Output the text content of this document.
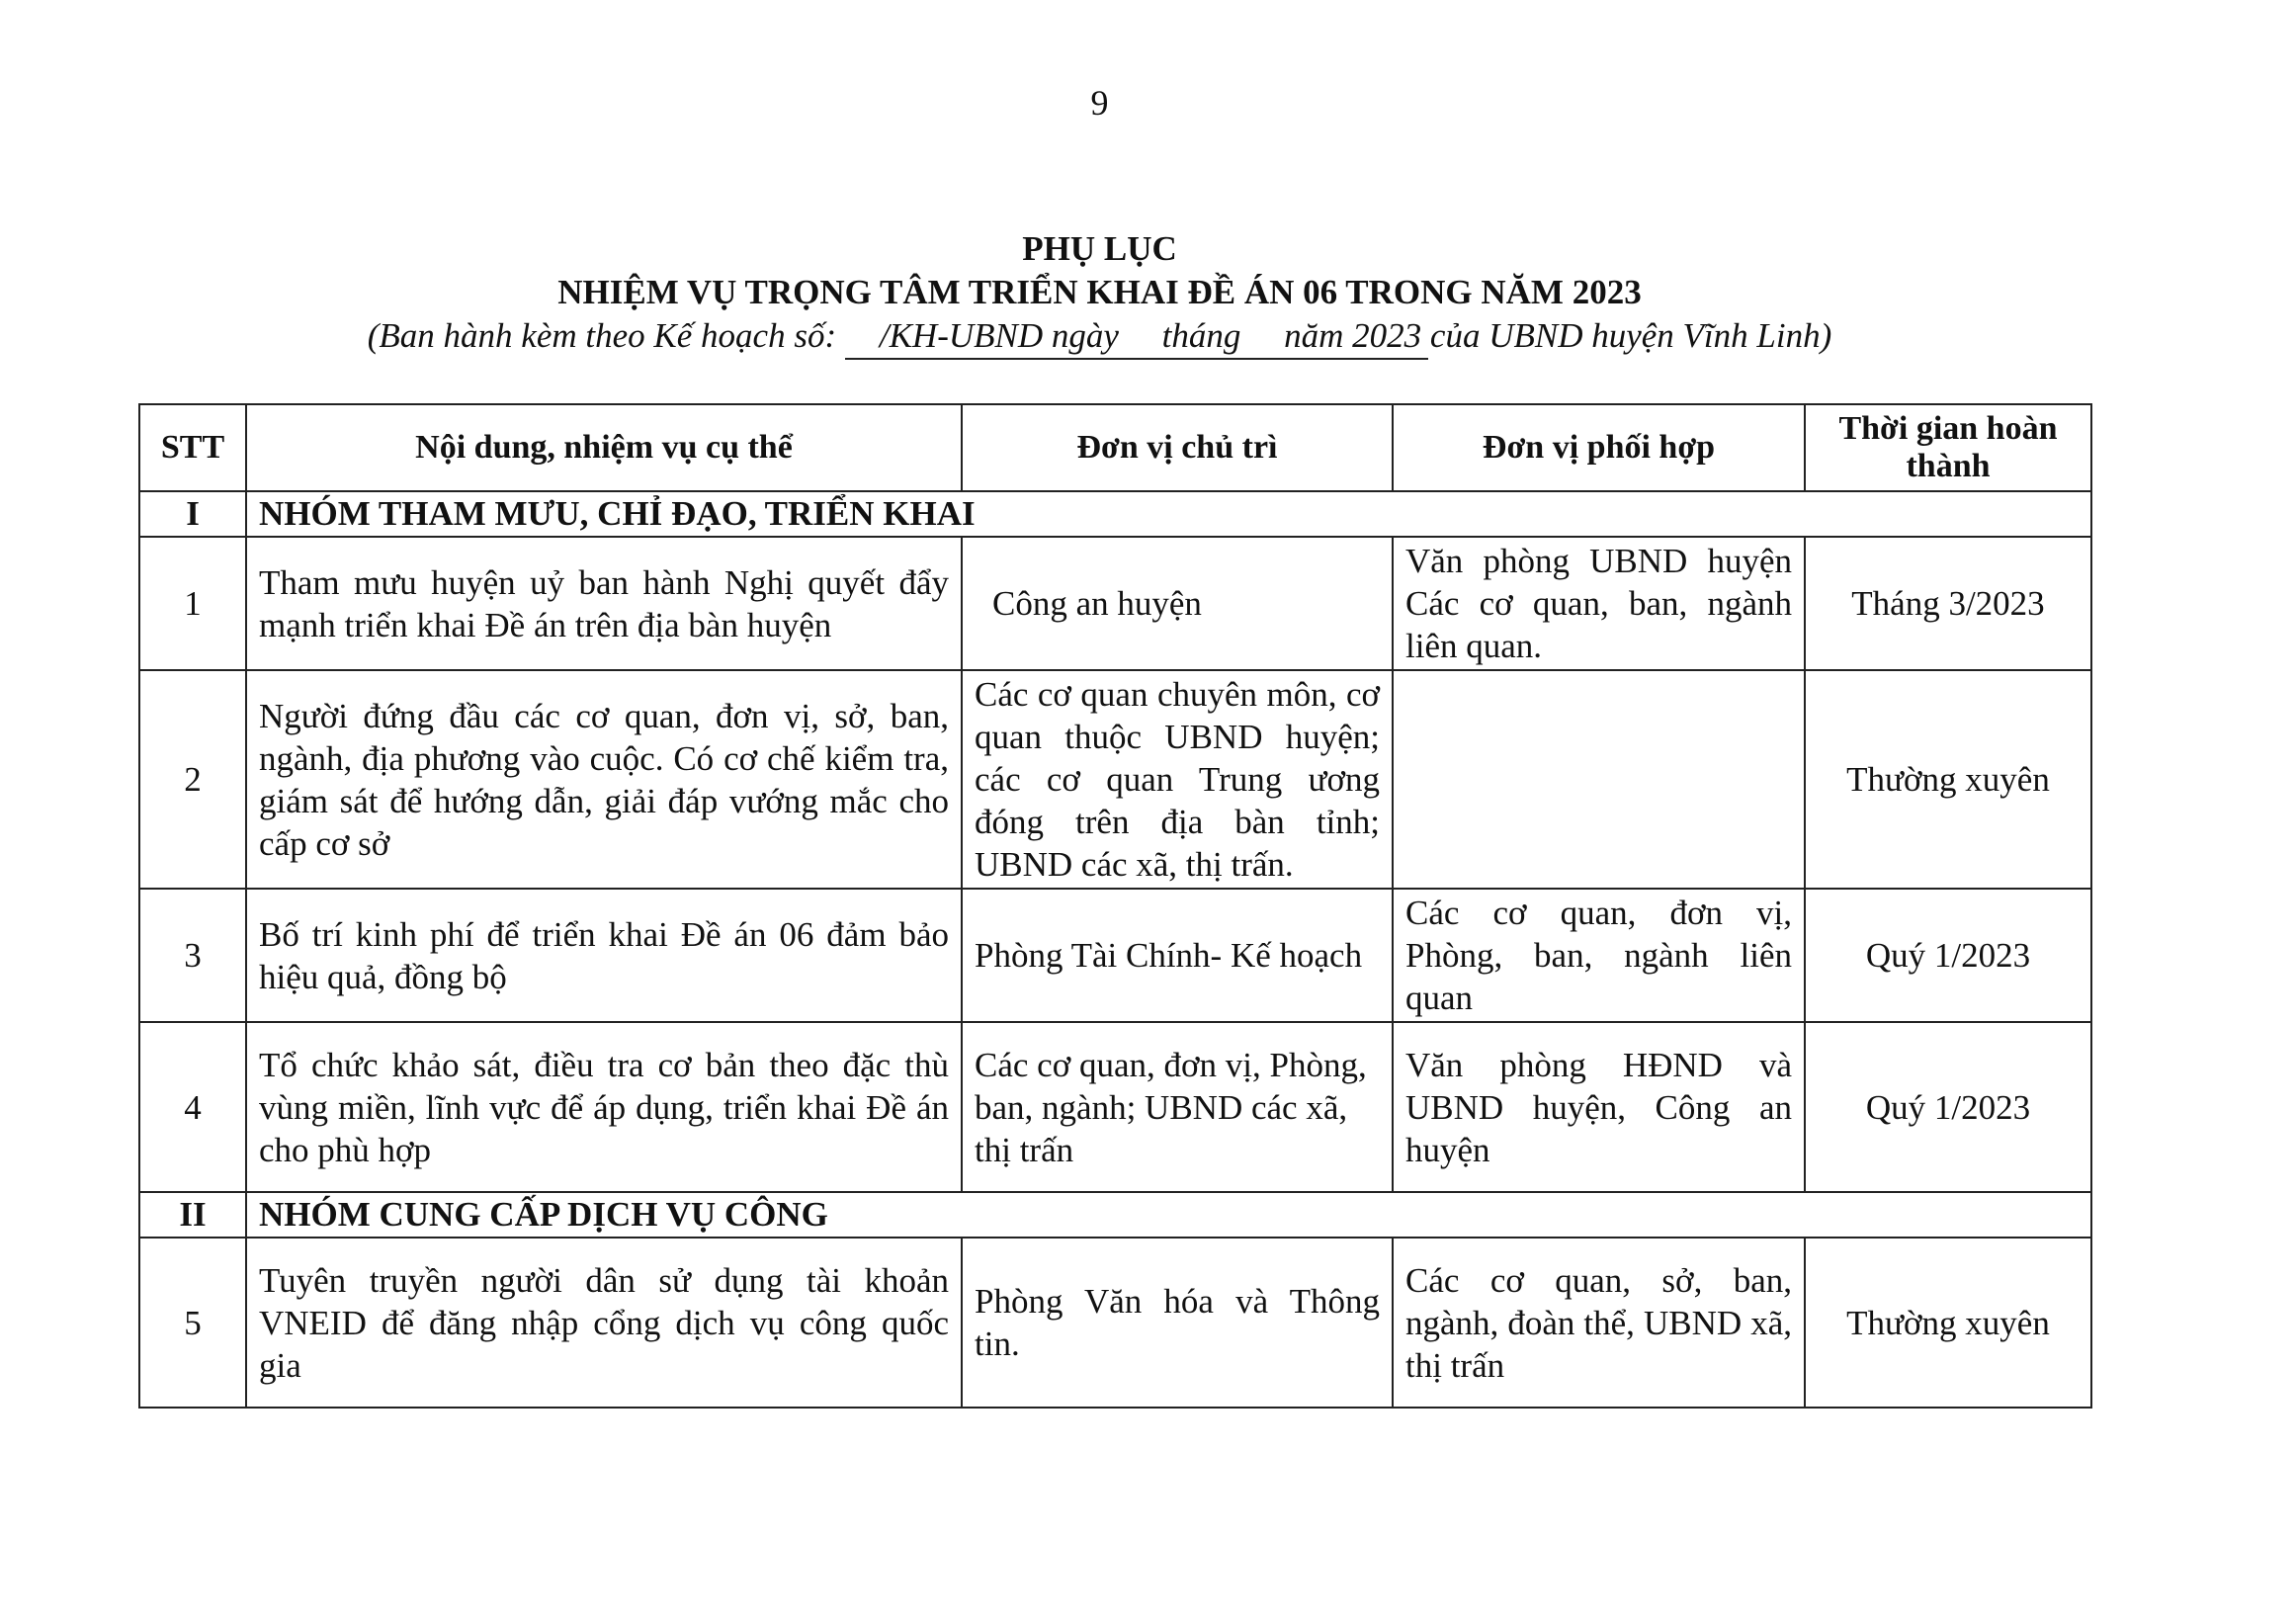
9
PHỤ LỤC
NHIỆM VỤ TRỌNG TÂM TRIỂN KHAI ĐỀ ÁN 06 TRONG NĂM 2023
(Ban hành kèm theo Kế hoạch số:     /KH-UBND ngày     tháng     năm 2023 của UBND huyện Vĩnh Linh)
STT	Nội dung, nhiệm vụ cụ thể	Đơn vị chủ trì	Đơn vị phối hợp	Thời gian hoàn thành
I	NHÓM THAM MƯU, CHỈ ĐẠO, TRIỂN KHAI			
1	Tham mưu huyện uỷ ban hành Nghị quyết đẩy mạnh triển khai Đề án trên địa bàn huyện	Công an huyện	Văn phòng UBND huyện Các cơ quan, ban, ngành liên quan.	Tháng 3/2023
2	Người đứng đầu các cơ quan, đơn vị, sở, ban, ngành, địa phương vào cuộc. Có cơ chế kiểm tra, giám sát để hướng dẫn, giải đáp vướng mắc cho cấp cơ sở	Các cơ quan chuyên môn, cơ quan thuộc UBND huyện; các cơ quan Trung ương đóng trên địa bàn tỉnh; UBND các xã, thị trấn.		Thường xuyên
3	Bố trí kinh phí để triển khai Đề án 06 đảm bảo hiệu quả, đồng bộ	Phòng Tài Chính- Kế hoạch	Các cơ quan, đơn vị, Phòng, ban, ngành liên quan	Quý 1/2023
4	Tổ chức khảo sát, điều tra cơ bản theo đặc thù vùng miền, lĩnh vực để áp dụng, triển khai Đề án cho phù hợp	Các cơ quan, đơn vị, Phòng, ban, ngành; UBND các xã, thị trấn	Văn phòng HĐND và UBND huyện, Công an huyện	Quý 1/2023
II	NHÓM CUNG CẤP DỊCH VỤ CÔNG			
5	Tuyên truyền người dân sử dụng tài khoản VNEID để đăng nhập cổng dịch vụ công quốc gia	Phòng Văn hóa và Thông tin.	Các cơ quan, sở, ban, ngành, đoàn thể, UBND xã, thị trấn	Thường xuyên
